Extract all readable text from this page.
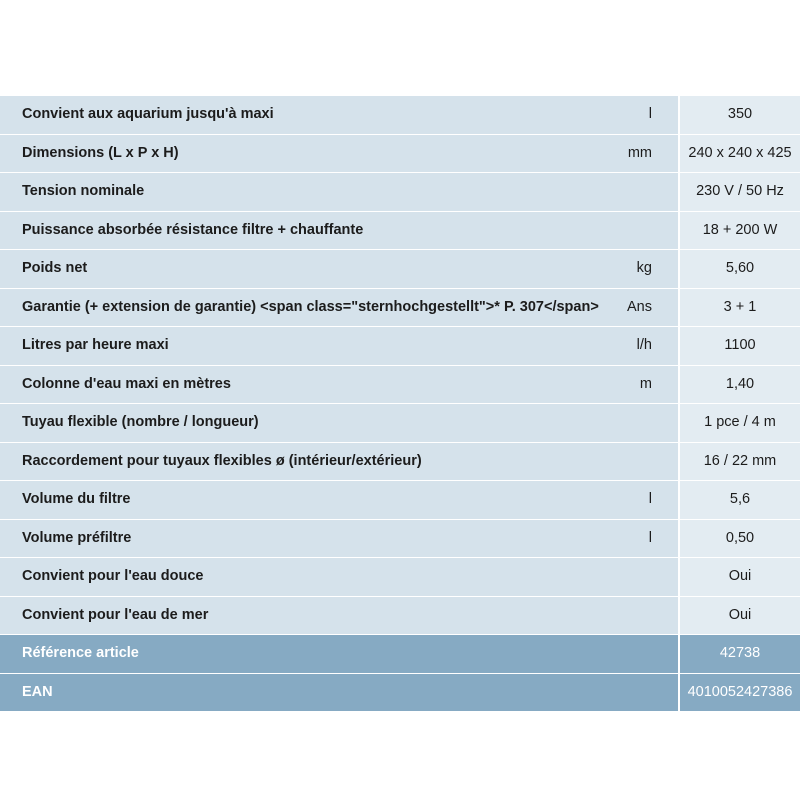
Convient aux aquarium jusqu'à maxi	l	350
Dimensions (L x P x H)	mm	240 x 240 x 425
Tension nominale	230 V / 50 Hz
Puissance absorbée résistance filtre + chauffante	18 + 200 W
Poids net	kg	5,60
Garantie (+ extension de garantie) <span class="sternhochgestellt">* P. 307</span>	Ans	3 + 1
Litres par heure maxi	l/h	1100
Colonne d'eau maxi en mètres	m	1,40
Tuyau flexible (nombre / longueur)	1 pce / 4 m
Raccordement pour tuyaux flexibles ø (intérieur/extérieur)	16 / 22 mm
Volume du filtre	l	5,6
Volume préfiltre	l	0,50
Convient pour l'eau douce	Oui
Convient pour l'eau de mer	Oui
Référence article	42738
EAN	4010052427386
